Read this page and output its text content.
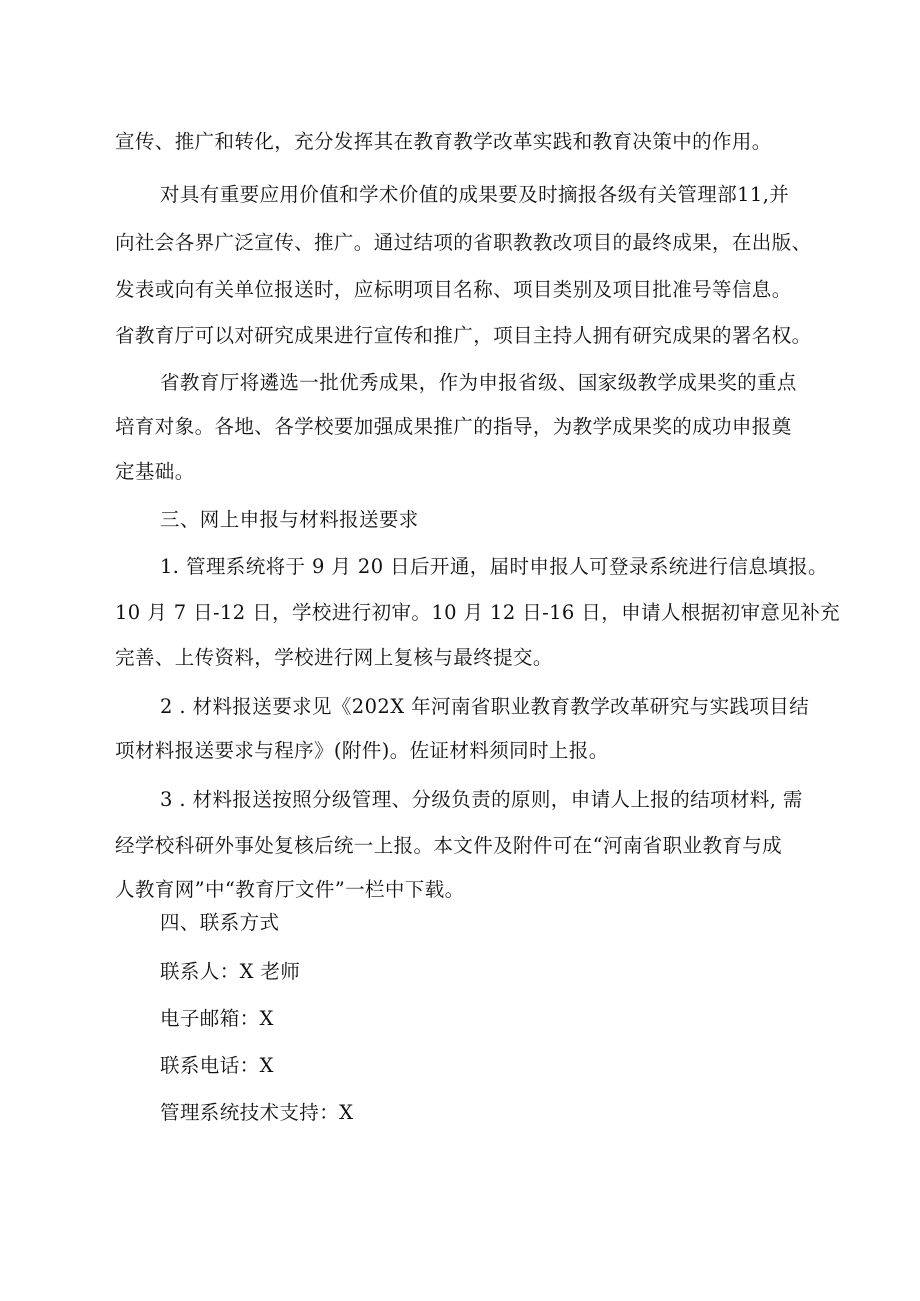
宣传、推广和转化，充分发挥其在教育教学改革实践和教育决策中的作用。
对具有重要应用价值和学术价值的成果要及时摘报各级有关管理部11,并
向社会各界广泛宣传、推广。通过结项的省职教教改项目的最终成果，在出版、
发表或向有关单位报送时，应标明项目名称、项目类别及项目批准号等信息。
省教育厅可以对研究成果进行宣传和推广，项目主持人拥有研究成果的署名权。
省教育厅将遴选一批优秀成果，作为申报省级、国家级教学成果奖的重点
培育对象。各地、各学校要加强成果推广的指导，为教学成果奖的成功申报奠
定基础。
三、网上申报与材料报送要求
1. 管理系统将于 9 月 20 日后开通，届时申报人可登录系统进行信息填报。
10 月 7 日-12 日，学校进行初审。10 月 12 日-16 日，申请人根据初审意见补充
完善、上传资料，学校进行网上复核与最终提交。
2 . 材料报送要求见《202X 年河南省职业教育教学改革研究与实践项目结
项材料报送要求与程序》(附件)。佐证材料须同时上报。
3 . 材料报送按照分级管理、分级负责的原则，申请人上报的结项材料, 需
经学校科研外事处复核后统一上报。本文件及附件可在“河南省职业教育与成
人教育网”中“教育厅文件”一栏中下载。
四、联系方式
联系人：X 老师
电子邮箱：X
联系电话：X
管理系统技术支持：X
